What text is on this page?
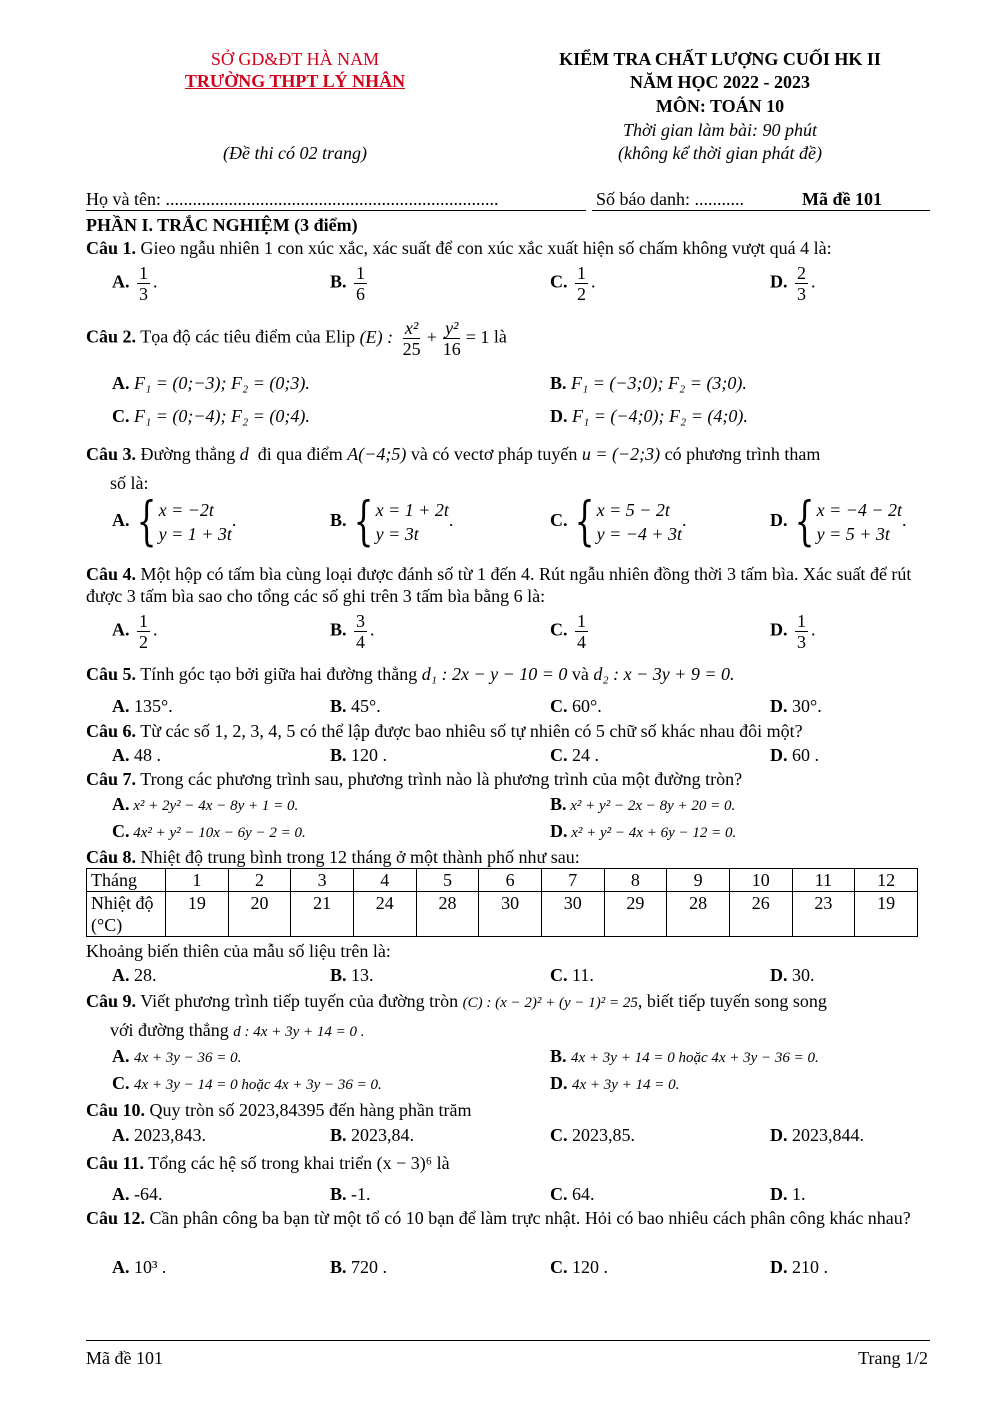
SỞ GD&ĐT HÀ NAM
TRƯỜNG THPT LÝ NHÂN
(Đề thi có 02 trang)
KIỂM TRA CHẤT LƯỢNG CUỐI HK II
NĂM HỌC 2022 - 2023
MÔN: TOÁN 10
Thời gian làm bài: 90 phút
(không kể thời gian phát đề)
Họ và tên: ..........................................................................	Số báo danh: ...........	Mã đề 101
PHẦN I. TRẮC NGHIỆM (3 điểm)
Câu 1. Gieo ngẫu nhiên 1 con xúc xắc, xác suất để con xúc xắc xuất hiện số chấm không vượt quá 4 là:
A. $\frac{1}{3}$ .	B. $\frac{1}{6}$	C. $\frac{1}{2}$ .	D. $\frac{2}{3}$ .
Câu 2. Tọa độ các tiêu điểm của Elip (E) : $\frac{\text{x²}}{25} + \frac{\text{y²}}{16} = 1$ là
A. F₁ = (0;−3); F₂ = (0;3).	B. F₁ = (−3;0); F₂ = (3;0).
C. F₁ = (0;−4); F₂ = (0;4).	D. F₁ = (−4;0); F₂ = (4;0).
Câu 3. Đường thẳng d đi qua điểm A(−4;5) và có vectơ pháp tuyến u = (−2;3) có phương trình tham
số là:
A. { x = −2t
y = 1 + 3t
.	B. { x = 1 + 2t
y = 3t
.	C. { x = 5 − 2t
y = −4 + 3t
.	D. { x = −4 − 2t
y = 5 + 3t
.
Câu 4. Một hộp có tấm bìa cùng loại được đánh số từ 1 đến 4. Rút ngẫu nhiên đồng thời 3 tấm bìa. Xác suất để rút được 3 tấm bìa sao cho tổng các số ghi trên 3 tấm bìa bằng 6 là:
A. $\frac{1}{2}$ .	B. $\frac{3}{4}$ .	C. $\frac{1}{4}$	D. $\frac{1}{3}$ .
Câu 5. Tính góc tạo bởi giữa hai đường thẳng d₁ : 2x − y − 10 = 0 và d₂ : x − 3y + 9 = 0.
A. 135°.	B. 45°.	C. 60°.	D. 30°.
Câu 6. Từ các số 1, 2, 3, 4, 5 có thể lập được bao nhiêu số tự nhiên có 5 chữ số khác nhau đôi một?
A. 48 .	B. 120 .	C. 24 .	D. 60 .
Câu 7. Trong các phương trình sau, phương trình nào là phương trình của một đường tròn?
A. x² + 2y² − 4x − 8y + 1 = 0.	B. x² + y² − 2x − 8y + 20 = 0.
C. 4x² + y² − 10x − 6y − 2 = 0.	D. x² + y² − 4x + 6y − 12 = 0.
Câu 8. Nhiệt độ trung bình trong 12 tháng ở một thành phố như sau:
Tháng	1	2	3	4	5	6	7	8	9	10	11	12
Nhiệt độ (°C)	19	20	21	24	28	30	30	29	28	26	23	19
Khoảng biến thiên của mẫu số liệu trên là:
A. 28.	B. 13.	C. 11.	D. 30.
Câu 9. Viết phương trình tiếp tuyến của đường tròn (C) : (x − 2)² + (y − 1)² = 25, biết tiếp tuyến song song
với đường thẳng d : 4x + 3y + 14 = 0 .
A. 4x + 3y − 36 = 0.	B. 4x + 3y + 14 = 0 hoặc 4x + 3y − 36 = 0.
C. 4x + 3y − 14 = 0 hoặc 4x + 3y − 36 = 0.	D. 4x + 3y + 14 = 0.
Câu 10. Quy tròn số 2023,84395 đến hàng phần trăm
A. 2023,843.	B. 2023,84.	C. 2023,85.	D. 2023,844.
Câu 11. Tổng các hệ số trong khai triển (x − 3)⁶ là
A. -64.	B. -1.	C. 64.	D. 1.
Câu 12. Cần phân công ba bạn từ một tổ có 10 bạn để làm trực nhật. Hỏi có bao nhiêu cách phân công khác nhau?
A. 10³ .	B. 720 .	C. 120 .	D. 210 .
Mã đề 101	Trang 1/2
